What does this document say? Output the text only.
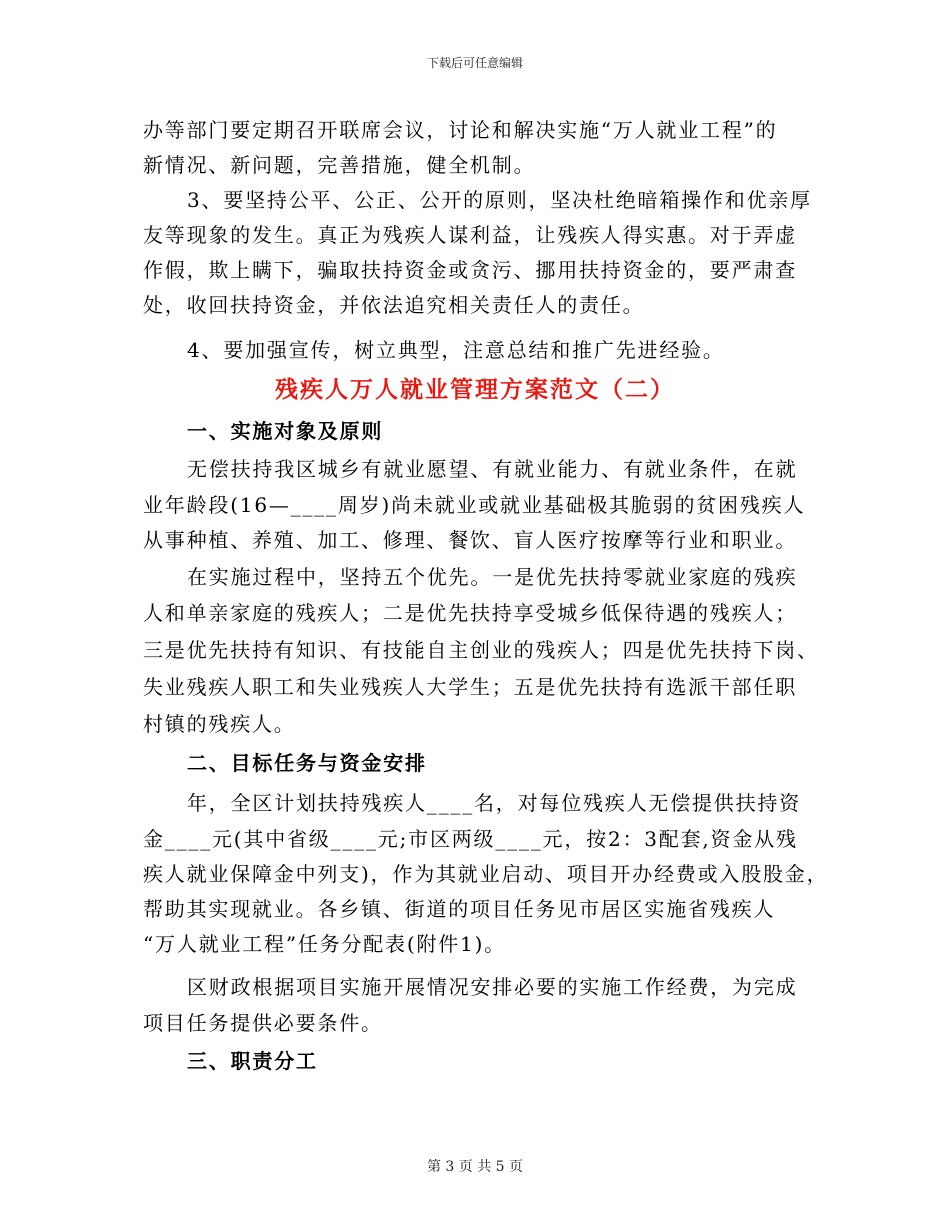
下载后可任意编辑
办等部门要定期召开联席会议，讨论和解决实施“万人就业工程”的
新情况、新问题，完善措施，健全机制。
3、要坚持公平、公正、公开的原则，坚决杜绝暗箱操作和优亲厚
友等现象的发生。真正为残疾人谋利益，让残疾人得实惠。对于弄虚
作假，欺上瞒下，骗取扶持资金或贪污、挪用扶持资金的，要严肃查
处，收回扶持资金，并依法追究相关责任人的责任。
4、要加强宣传，树立典型，注意总结和推广先进经验。
残疾人万人就业管理方案范文（二）
一、实施对象及原则
无偿扶持我区城乡有就业愿望、有就业能力、有就业条件，在就
业年龄段(16—____周岁)尚未就业或就业基础极其脆弱的贫困残疾人
从事种植、养殖、加工、修理、餐饮、盲人医疗按摩等行业和职业。
在实施过程中，坚持五个优先。一是优先扶持零就业家庭的残疾
人和单亲家庭的残疾人；二是优先扶持享受城乡低保待遇的残疾人；
三是优先扶持有知识、有技能自主创业的残疾人；四是优先扶持下岗、
失业残疾人职工和失业残疾人大学生；五是优先扶持有选派干部任职
村镇的残疾人。
二、目标任务与资金安排
年，全区计划扶持残疾人____名，对每位残疾人无偿提供扶持资
金____元(其中省级____元;市区两级____元，按2：3配套,资金从残
疾人就业保障金中列支)，作为其就业启动、项目开办经费或入股股金，
帮助其实现就业。各乡镇、街道的项目任务见市居区实施省残疾人
“万人就业工程”任务分配表(附件1)。
区财政根据项目实施开展情况安排必要的实施工作经费，为完成
项目任务提供必要条件。
三、职责分工
第 3 页 共 5 页
